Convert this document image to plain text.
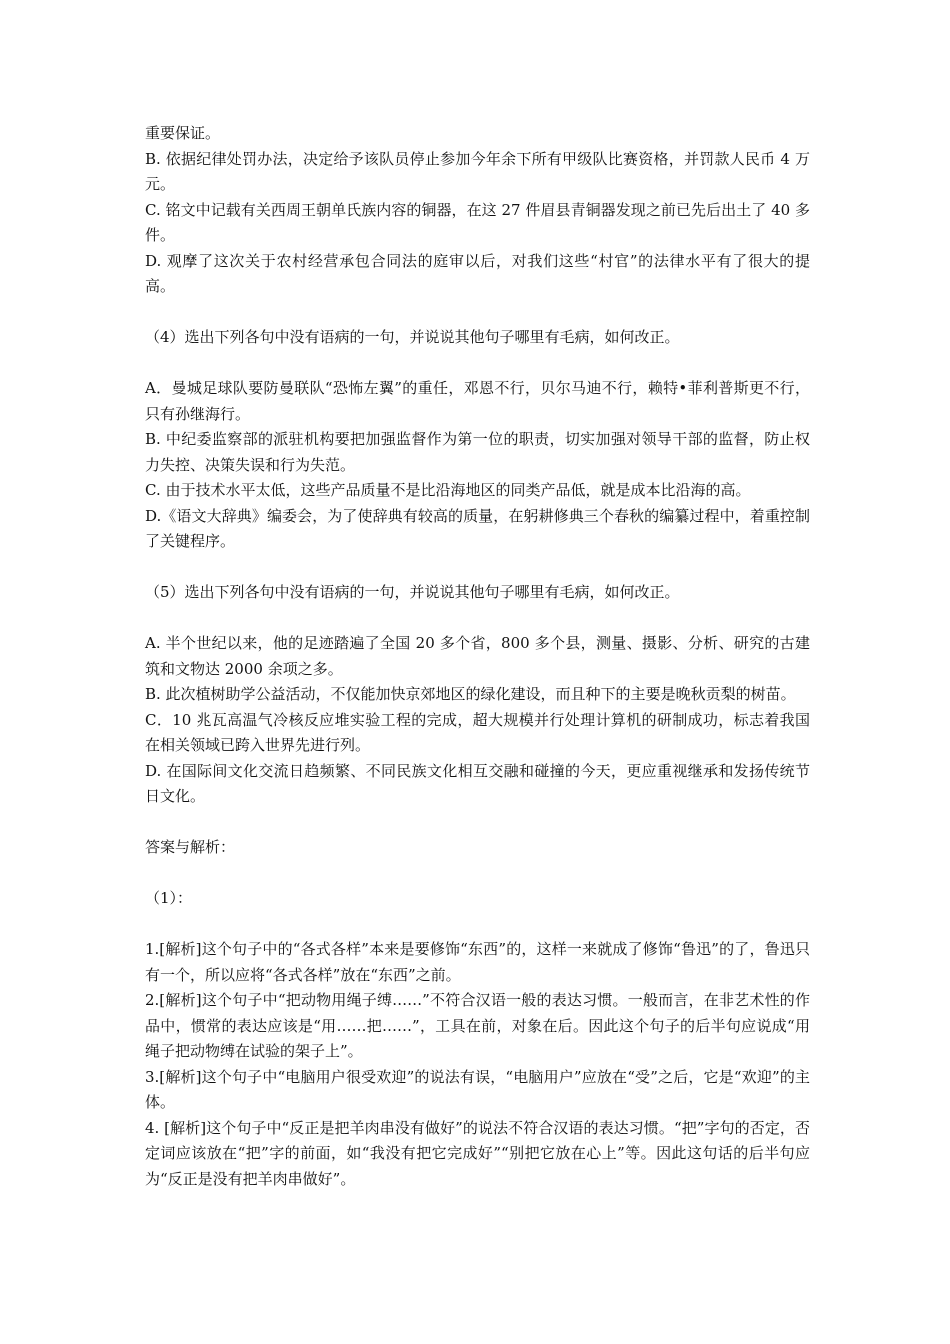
重要保证。

B. 依据纪律处罚办法，决定给予该队员停止参加今年余下所有甲级队比赛资格，并罚款人民币 4 万元。

C. 铭文中记载有关西周王朝单氏族内容的铜器，在这 27 件眉县青铜器发现之前已先后出土了 40 多件。

D. 观摩了这次关于农村经营承包合同法的庭审以后，对我们这些“村官”的法律水平有了很大的提高。

（4）选出下列各句中没有语病的一句，并说说其他句子哪里有毛病，如何改正。

A．曼城足球队要防曼联队“恐怖左翼”的重任，邓恩不行，贝尔马迪不行，赖特•菲利普斯更不行，只有孙继海行。

B. 中纪委监察部的派驻机构要把加强监督作为第一位的职责，切实加强对领导干部的监督，防止权力失控、决策失误和行为失范。

C. 由于技术水平太低，这些产品质量不是比沿海地区的同类产品低，就是成本比沿海的高。

D.《语文大辞典》编委会，为了使辞典有较高的质量，在躬耕修典三个春秋的编纂过程中，着重控制了关键程序。

（5）选出下列各句中没有语病的一句，并说说其他句子哪里有毛病，如何改正。

A. 半个世纪以来，他的足迹踏遍了全国 20 多个省，800 多个县，测量、摄影、分析、研究的古建筑和文物达 2000 余项之多。

B. 此次植树助学公益活动，不仅能加快京郊地区的绿化建设，而且种下的主要是晚秋贡梨的树苗。

C．10 兆瓦高温气冷核反应堆实验工程的完成，超大规模并行处理计算机的研制成功，标志着我国在相关领域已跨入世界先进行列。

D. 在国际间文化交流日趋频繁、不同民族文化相互交融和碰撞的今天，更应重视继承和发扬传统节日文化。

答案与解析：

（1）：

1.[解析]这个句子中的“各式各样”本来是要修饰“东西”的，这样一来就成了修饰“鲁迅”的了，鲁迅只有一个，所以应将“各式各样”放在“东西”之前。

2.[解析]这个句子中“把动物用绳子缚……”不符合汉语一般的表达习惯。一般而言，在非艺术性的作品中，惯常的表达应该是“用……把……”，工具在前，对象在后。因此这个句子的后半句应说成“用绳子把动物缚在试验的架子上”。

3.[解析]这个句子中“电脑用户很受欢迎”的说法有误，“电脑用户”应放在“受”之后，它是“欢迎”的主体。

4. [解析]这个句子中“反正是把羊肉串没有做好”的说法不符合汉语的表达习惯。“把”字句的否定，否定词应该放在“把”字的前面，如“我没有把它完成好”“别把它放在心上”等。因此这句话的后半句应为“反正是没有把羊肉串做好”。
